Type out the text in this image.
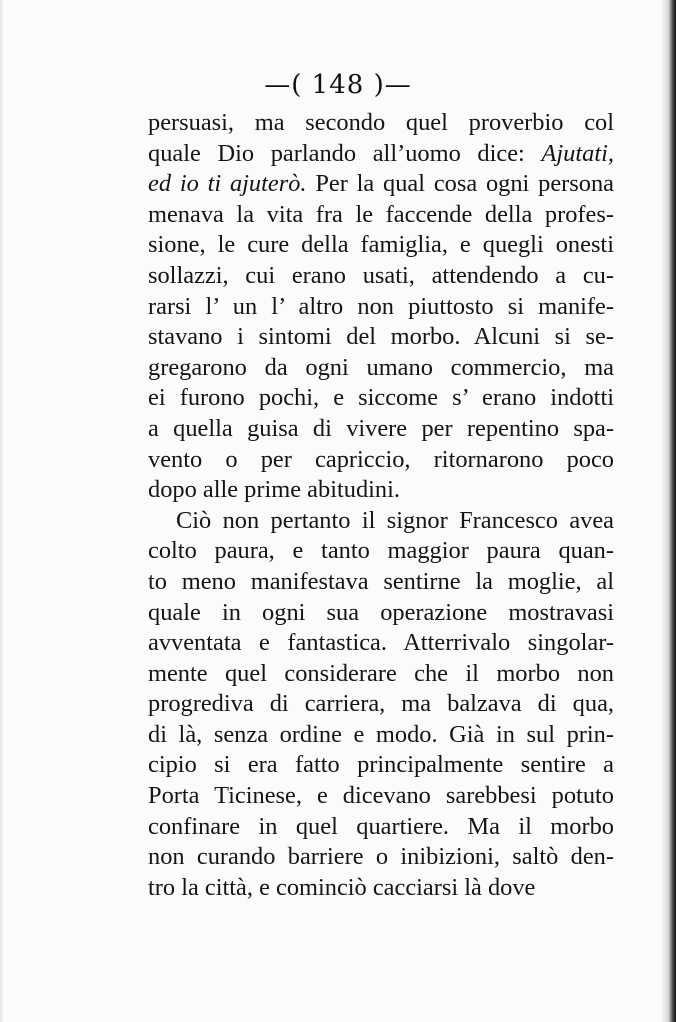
—( 148 )—
persuasi, ma secondo quel proverbio col
quale Dio parlando all’uomo dice: Ajutati,
ed io ti ajuterò. Per la qual cosa ogni persona
menava la vita fra le faccende della profes-
sione, le cure della famiglia, e quegli onesti
sollazzi, cui erano usati, attendendo a cu-
rarsi l’ un l’ altro non piuttosto si manife-
stavano i sintomi del morbo. Alcuni si se-
gregarono da ogni umano commercio, ma
ei furono pochi, e siccome s’ erano indotti
a quella guisa di vivere per repentino spa-
vento o per capriccio, ritornarono poco
dopo alle prime abitudini.
Ciò non pertanto il signor Francesco avea
colto paura, e tanto maggior paura quan-
to meno manifestava sentirne la moglie, al
quale in ogni sua operazione mostravasi
avventata e fantastica. Atterrivalo singolar-
mente quel considerare che il morbo non
progrediva di carriera, ma balzava di qua,
di là, senza ordine e modo. Già in sul prin-
cipio si era fatto principalmente sentire a
Porta Ticinese, e dicevano sarebbesi potuto
confinare in quel quartiere. Ma il morbo
non curando barriere o inibizioni, saltò den-
tro la città, e cominciò cacciarsi là dove
